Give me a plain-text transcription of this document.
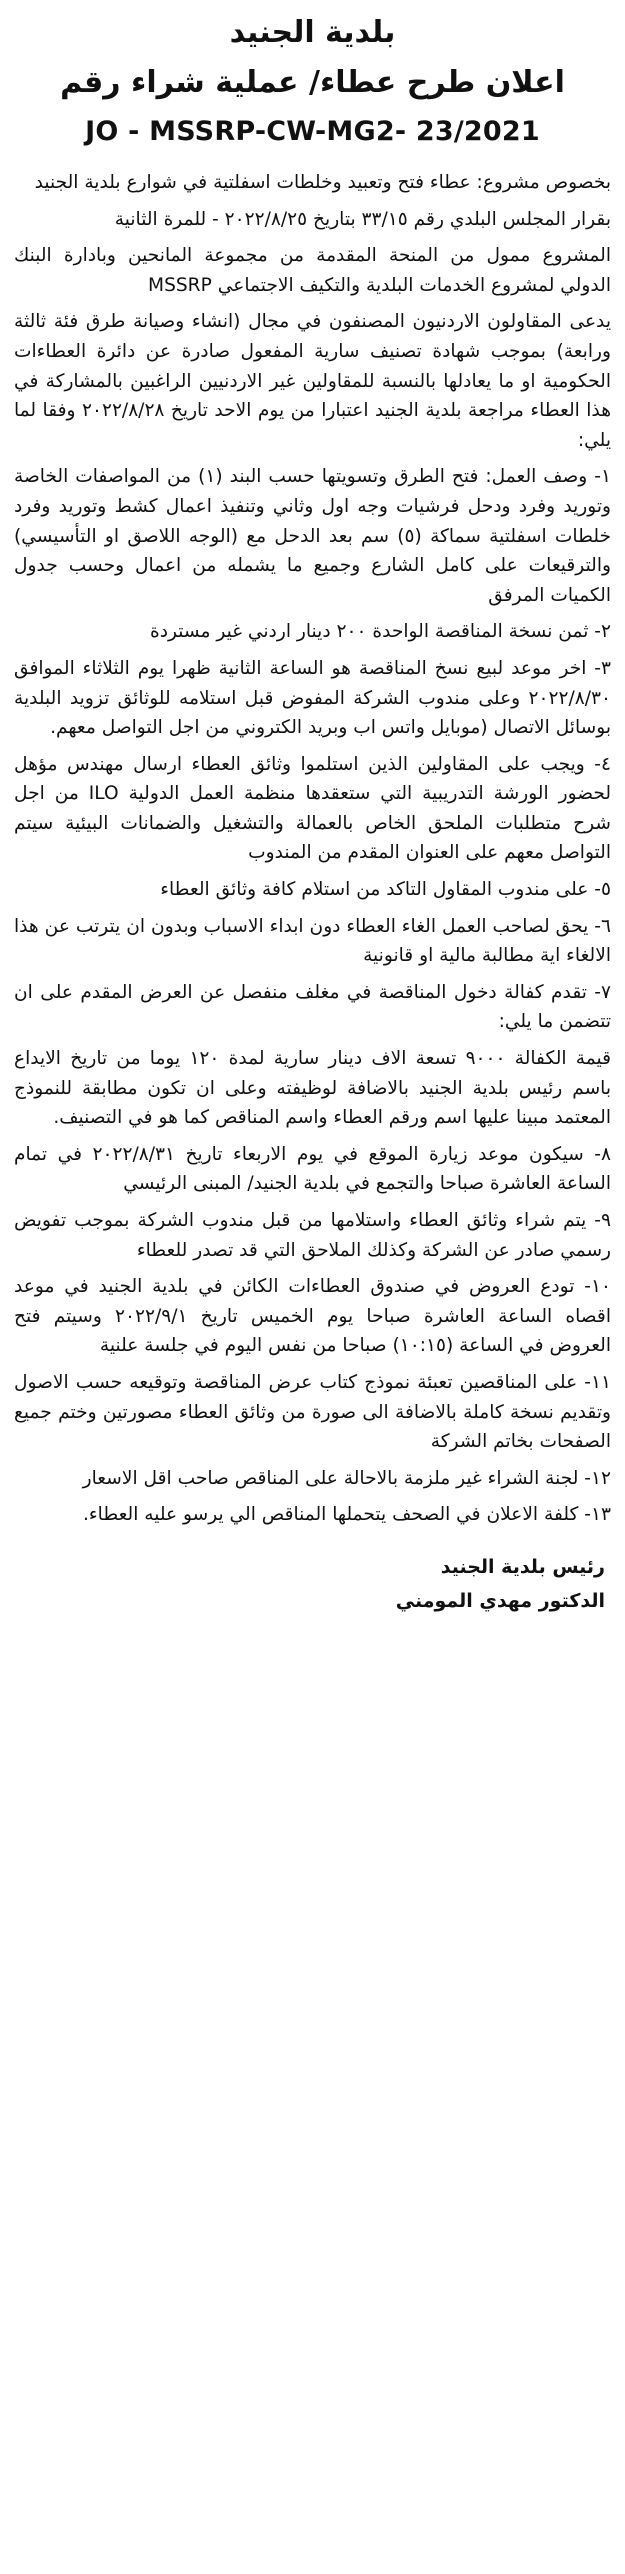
بلدية الجنيد
اعلان طرح عطاء/ عملية شراء رقم
JO - MSSRP-CW-MG2- 23/2021

بخصوص مشروع: عطاء فتح وتعبيد وخلطات اسفلتية في شوارع بلدية الجنيد

بقرار المجلس البلدي رقم ٣٣/١٥ بتاريخ ٢٠٢٢/٨/٢٥ - للمرة الثانية

المشروع ممول من المنحة المقدمة من مجموعة المانحين وبادارة البنك الدولي لمشروع الخدمات البلدية والتكيف الاجتماعي MSSRP

يدعى المقاولون الاردنيون المصنفون في مجال (انشاء وصيانة طرق فئة ثالثة ورابعة) بموجب شهادة تصنيف سارية المفعول صادرة عن دائرة العطاءات الحكومية او ما يعادلها بالنسبة للمقاولين غير الاردنيين الراغبين بالمشاركة في هذا العطاء مراجعة بلدية الجنيد اعتبارا من يوم الاحد تاريخ ٢٠٢٢/٨/٢٨ وفقا لما يلي:

١- وصف العمل: فتح الطرق وتسويتها حسب البند (١) من المواصفات الخاصة وتوريد وفرد ودحل فرشيات وجه اول وثاني وتنفيذ اعمال كشط وتوريد وفرد خلطات اسفلتية سماكة (٥) سم بعد الدحل مع (الوجه اللاصق او التأسيسي) والترقيعات على كامل الشارع وجميع ما يشمله من اعمال وحسب جدول الكميات المرفق

٢- ثمن نسخة المناقصة الواحدة ٢٠٠ دينار اردني غير مستردة

٣- اخر موعد لبيع نسخ المناقصة هو الساعة الثانية ظهرا يوم الثلاثاء الموافق ٢٠٢٢/٨/٣٠ وعلى مندوب الشركة المفوض قبل استلامه للوثائق تزويد البلدية بوسائل الاتصال (موبايل واتس اب وبريد الكتروني من اجل التواصل معهم.

٤- ويجب على المقاولين الذين استلموا وثائق العطاء ارسال مهندس مؤهل لحضور الورشة التدريبية التي ستعقدها منظمة العمل الدولية ILO من اجل شرح متطلبات الملحق الخاص بالعمالة والتشغيل والضمانات البيئية سيتم التواصل معهم على العنوان المقدم من المندوب

٥- على مندوب المقاول التاكد من استلام كافة وثائق العطاء

٦- يحق لصاحب العمل الغاء العطاء دون ابداء الاسباب وبدون ان يترتب عن هذا الالغاء اية مطالبة مالية او قانونية

٧- تقدم كفالة دخول المناقصة في مغلف منفصل عن العرض المقدم على ان تتضمن ما يلي:

قيمة الكفالة ٩٠٠٠ تسعة الاف دينار سارية لمدة ١٢٠ يوما من تاريخ الايداع باسم رئيس بلدية الجنيد بالاضافة لوظيفته وعلى ان تكون مطابقة للنموذج المعتمد مبينا عليها اسم ورقم العطاء واسم المناقص كما هو في التصنيف.

٨- سيكون موعد زيارة الموقع في يوم الاربعاء تاريخ ٢٠٢٢/٨/٣١ في تمام الساعة العاشرة صباحا والتجمع في بلدية الجنيد/ المبنى الرئيسي

٩- يتم شراء وثائق العطاء واستلامها من قبل مندوب الشركة بموجب تفويض رسمي صادر عن الشركة وكذلك الملاحق التي قد تصدر للعطاء

١٠- تودع العروض في صندوق العطاءات الكائن في بلدية الجنيد في موعد اقصاه الساعة العاشرة صباحا يوم الخميس تاريخ ٢٠٢٢/٩/١ وسيتم فتح العروض في الساعة (١٠:١٥) صباحا من نفس اليوم في جلسة علنية

١١- على المناقصين تعبئة نموذج كتاب عرض المناقصة وتوقيعه حسب الاصول وتقديم نسخة كاملة بالاضافة الى صورة من وثائق العطاء مصورتين وختم جميع الصفحات بخاتم الشركة

١٢- لجنة الشراء غير ملزمة بالاحالة على المناقص صاحب اقل الاسعار

١٣- كلفة الاعلان في الصحف يتحملها المناقص الي يرسو عليه العطاء.

رئيس بلدية الجنيد
الدكتور مهدي المومني
